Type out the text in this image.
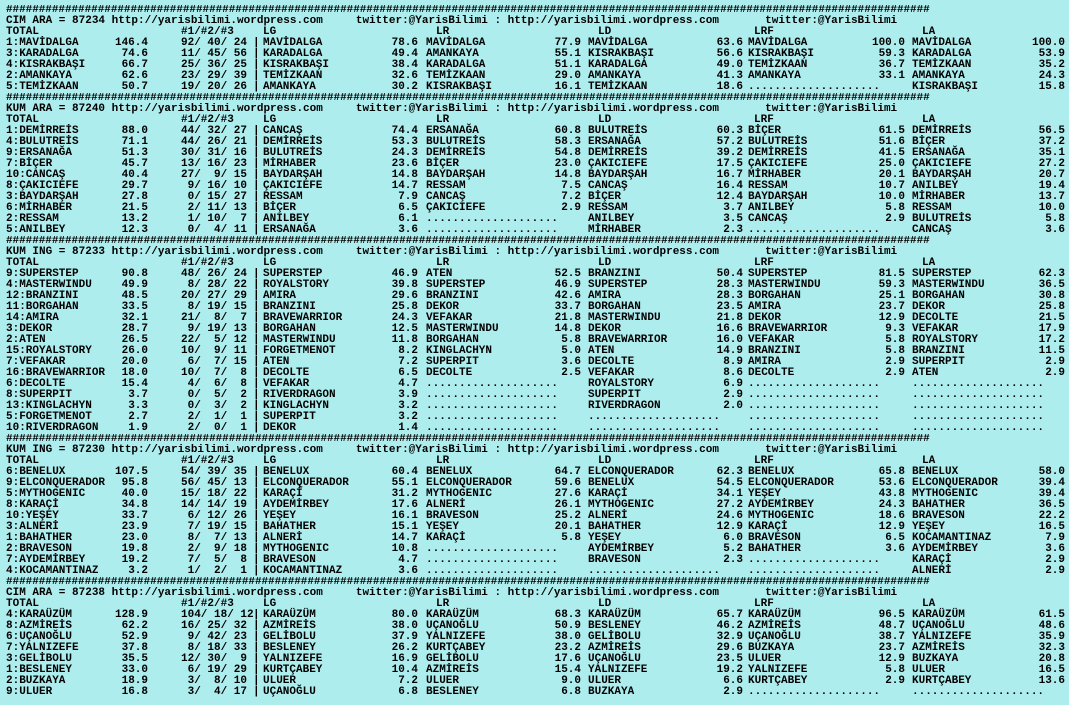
#############################################################################################################################################
CIM ARA = 87234 http://yarisbilimi.wordpress.com     twitter:@YarisBilimi : http://yarisbilimi.wordpress.com       twitter:@YarisBilimi
TOTAL	#1/#2/#3	LG	LR	LD	LRF	LA
1:MAVİDALGA	146.4	92/ 40/ 24 | MAVİDALGA	78.6 MAVİDALGA	77.9 MAVİDALGA	63.6 MAVİDALGA	100.0 MAVİDALGA	100.0
3:KARADALGA	74.6	11/ 45/ 56 | KARADALGA	49.4 AMANKAYA	55.1 KISRAKBAŞI	56.6 KISRAKBAŞI	59.3 KARADALGA	53.9
4:KISRAKBAŞI	66.7	25/ 36/ 25 | KISRAKBAŞI	38.4 KARADALGA	51.1 KARADALGA	49.0 TEMİZKAAN	36.7 TEMİZKAAN	35.2
2:AMANKAYA	62.6	23/ 29/ 39 | TEMİZKAAN	32.6 TEMİZKAAN	29.0 AMANKAYA	41.3 AMANKAYA	33.1 AMANKAYA	24.3
5:TEMİZKAAN	50.7	19/ 20/ 26 | AMANKAYA	30.2 KISRAKBAŞI	16.1 TEMİZKAAN	18.6 ....................	KISRAKBAŞI	15.8
#############################################################################################################################################
KUM ARA = 87240 http://yarisbilimi.wordpress.com     twitter:@YarisBilimi : http://yarisbilimi.wordpress.com       twitter:@YarisBilimi
TOTAL	#1/#2/#3	LG	LR	LD	LRF	LA
1:DEMİRREİS	88.0	44/ 32/ 27 | CANCAŞ	74.4 ERSANAĞA	60.8 BULUTREİS	60.3 BİÇER	61.5 DEMİRREİS	56.5
4:BULUTREİS	71.1	44/ 26/ 21 | DEMİRREİS	53.3 BULUTREİS	58.3 ERSANAĞA	57.2 BULUTREİS	51.6 BİÇER	37.2
9:ERSANAĞA	51.3	30/ 31/ 16 | BULUTREİS	24.3 DEMİRREİS	54.8 DEMİRREİS	39.2 DEMİRREİS	41.5 ERSANAĞA	35.1
7:BİÇER	45.7	13/ 16/ 23 | MİRHABER	23.6 BİÇER	23.0 ÇAKICIEFE	17.5 ÇAKICIEFE	25.0 ÇAKICIEFE	27.2
10:CANCAŞ	40.4	27/  9/ 15 | BAYDARŞAH	14.8 BAYDARŞAH	14.8 BAYDARŞAH	16.7 MİRHABER	20.1 BAYDARŞAH	20.7
8:ÇAKICIEFE	29.7	9/ 16/ 10 | ÇAKICIEFE	14.7 RESSAM	7.5 CANCAŞ	16.4 RESSAM	10.7 ANILBEY	19.4
3:BAYDARŞAH	27.8	0/ 15/ 27 | RESSAM	7.9 CANCAŞ	7.2 BİÇER	12.4 BAYDARŞAH	10.0 MİRHABER	13.7
6:MİRHABER	21.5	2/ 11/ 13 | BİÇER	6.5 ÇAKICIEFE	2.9 RESSAM	3.7 ANILBEY	5.8 RESSAM	10.0
2:RESSAM	13.2	1/ 10/  7 | ANILBEY	6.1 ....................	ANILBEY	3.5 CANCAŞ	2.9 BULUTREİS	5.8
5:ANILBEY	12.3	0/  4/ 11 | ERSANAĞA	3.6 ....................	MİRHABER	2.3 ....................	CANCAŞ	3.6
#############################################################################################################################################
KUM ING = 87233 http://yarisbilimi.wordpress.com     twitter:@YarisBilimi : http://yarisbilimi.wordpress.com       twitter:@YarisBilimi
TOTAL	#1/#2/#3	LG	LR	LD	LRF	LA
9:SUPERSTEP	90.8	48/ 26/ 24 | SUPERSTEP	46.9 ATEN	52.5 BRANZINI	50.4 SUPERSTEP	81.5 SUPERSTEP	62.3
4:MASTERWINDU	49.9	8/ 28/ 22 | ROYALSTORY	39.8 SUPERSTEP	46.9 SUPERSTEP	28.3 MASTERWINDU	59.3 MASTERWINDU	36.5
12:BRANZINI	48.5	20/ 27/ 29 | AMIRA	29.6 BRANZINI	42.6 AMIRA	28.3 BORGAHAN	25.1 BORGAHAN	30.8
11:BORGAHAN	33.5	8/ 19/ 15 | BRANZINI	25.8 DEKOR	33.7 BORGAHAN	23.5 AMIRA	23.7 DEKOR	25.8
14:AMIRA	32.1	21/  8/  7 | BRAVEWARRIOR	24.3 VEFAKAR	21.8 MASTERWINDU	21.8 DEKOR	12.9 DECOLTE	21.5
3:DEKOR	28.7	9/ 19/ 13 | BORGAHAN	12.5 MASTERWINDU	14.8 DEKOR	16.6 BRAVEWARRIOR	9.3 VEFAKAR	17.9
2:ATEN	26.5	22/  5/ 12 | MASTERWINDU	11.8 BORGAHAN	5.8 BRAVEWARRIOR	16.0 VEFAKAR	5.8 ROYALSTORY	17.2
15:ROYALSTORY	26.0	10/  9/ 11 | FORGETMENOT	8.2 KINGLACHYN	5.0 ATEN	14.9 BRANZINI	5.8 BRANZINI	11.5
7:VEFAKAR	20.0	6/  7/ 15 | ATEN	7.2 SUPERPIT	3.6 DECOLTE	8.9 AMIRA	2.9 SUPERPIT	2.9
16:BRAVEWARRIOR 18.0	10/  7/  8 | DECOLTE	6.5 DECOLTE	2.5 VEFAKAR	8.6 DECOLTE	2.9 ATEN	2.9
6:DECOLTE	15.4	4/  6/  8 | VEFAKAR	4.7 ....................	ROYALSTORY	6.9 ....................	....................
8:SUPERPIT	3.7	0/  5/  2 | RIVERDRAGON	3.9 ....................	SUPERPIT	2.9 ....................	....................
13:KINGLACHYN	3.3	0/  3/  2 | KINGLACHYN	3.2 ....................	RIVERDRAGON	2.0 ....................	....................
5:FORGETMENOT	2.7	2/  1/  1 | SUPERPIT	3.2 ....................	....................	....................	....................
10:RIVERDRAGON	1.9	2/  0/  1 | DEKOR	1.4 ....................	....................	....................	....................
#############################################################################################################################################
KUM ING = 87230 http://yarisbilimi.wordpress.com     twitter:@YarisBilimi : http://yarisbilimi.wordpress.com       twitter:@YarisBilimi
TOTAL	#1/#2/#3	LG	LR	LD	LRF	LA
6:BENELUX	107.5	54/ 39/ 35 | BENELUX	60.4 BENELUX	64.7 ELCONQUERADOR	62.3 BENELUX	65.8 BENELUX	58.0
9:ELCONQUERADOR 95.8	56/ 45/ 13 | ELCONQUERADOR	55.1 ELCONQUERADOR	59.6 BENELUX	54.5 ELCONQUERADOR	53.6 ELCONQUERADOR	39.4
5:MYTHOGENIC	40.0	15/ 18/ 22 | KARAÇİ	31.2 MYTHOGENIC	27.6 KARAÇİ	34.1 YEŞEY	43.8 MYTHOGENIC	39.4
8:KARAÇİ	34.8	14/ 14/ 19 | AYDEMİRBEY	17.6 ALNERİ	26.1 MYTHOGENIC	27.2 AYDEMİRBEY	24.3 BAHATHER	36.5
10:YEŞEY	33.7	6/ 12/ 26 | YEŞEY	16.1 BRAVESON	25.2 ALNERİ	24.6 MYTHOGENIC	18.6 BRAVESON	22.2
3:ALNERİ	23.9	7/ 19/ 15 | BAHATHER	15.1 YEŞEY	20.1 BAHATHER	12.9 KARAÇİ	12.9 YEŞEY	16.5
1:BAHATHER	23.0	8/  7/ 13 | ALNERİ	14.7 KARAÇİ	5.8 YEŞEY	6.0 BRAVESON	6.5 KOCAMANTINAZ	7.9
2:BRAVESON	19.8	2/  9/ 18 | MYTHOGENIC	10.8 ....................	AYDEMİRBEY	5.2 BAHATHER	3.6 AYDEMİRBEY	3.6
7:AYDEMİRBEY	19.2	7/  5/  8 | BRAVESON	4.7 ....................	BRAVESON	2.3 ....................	KARAÇİ	2.9
4:KOCAMANTINAZ	3.2	1/  2/  1 | KOCAMANTINAZ	3.6 ....................	....................	....................	ALNERİ	2.9
#############################################################################################################################################
CIM ARA = 87238 http://yarisbilimi.wordpress.com     twitter:@YarisBilimi : http://yarisbilimi.wordpress.com       twitter:@YarisBilimi
TOTAL	#1/#2/#3	LG	LR	LD	LRF	LA
4:KARAÜZÜM	128.9	104/ 18/ 12 | KARAÜZÜM	80.0 KARAÜZÜM	68.3 KARAÜZÜM	65.7 KARAÜZÜM	96.5 KARAÜZÜM	61.5
8:AZMİREİS	62.2	16/ 25/ 32 | AZMİREİS	38.0 UÇANOĞLU	50.9 BESLENEY	46.2 AZMİREİS	48.7 UÇANOĞLU	48.6
6:UÇANOĞLU	52.9	9/ 42/ 23 | GELİBOLU	37.9 YALNIZEFE	38.0 GELİBOLU	32.9 UÇANOĞLU	38.7 YALNIZEFE	35.9
7:YALNIZEFE	37.8	8/ 18/ 33 | BESLENEY	26.2 KURTÇABEY	23.2 AZMİREİS	29.6 BUZKAYA	23.7 AZMİREİS	32.3
3:GELİBOLU	35.5	12/ 30/  9 | YALNIZEFE	16.9 GELİBOLU	17.6 UÇANOĞLU	23.5 ULUER	12.9 BUZKAYA	20.8
1:BESLENEY	33.0	6/ 19/ 29 | KURTÇABEY	10.4 AZMİREİS	15.4 YALNIZEFE	19.2 YALNIZEFE	5.8 ULUER	16.5
2:BUZKAYA	18.9	3/  8/ 10 | ULUER	7.2 ULUER	9.0 ULUER	6.6 KURTÇABEY	2.9 KURTÇABEY	13.6
9:ULUER	16.8	3/  4/ 17 | UÇANOĞLU	6.8 BESLENEY	6.8 BUZKAYA	2.9 ....................	....................
